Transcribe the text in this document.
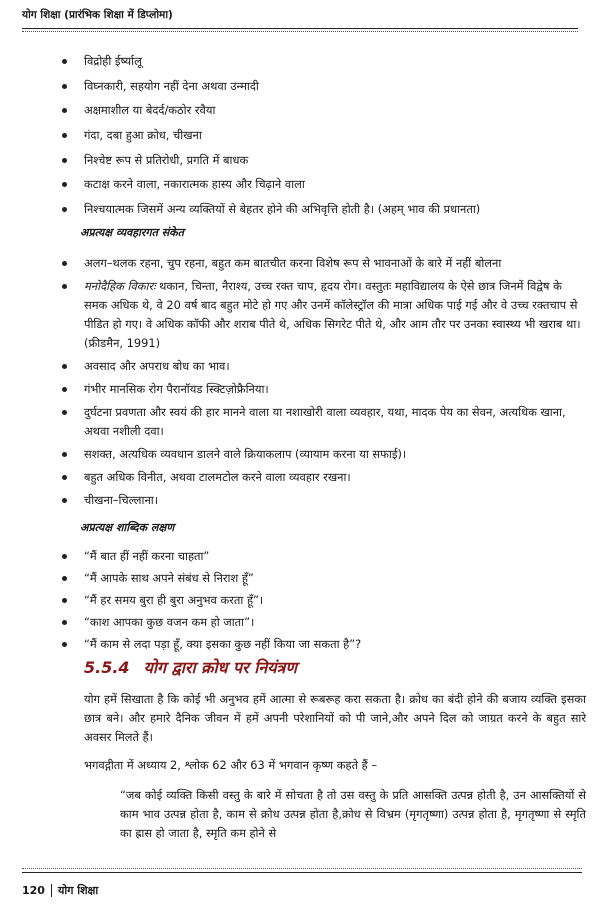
योग शिक्षा (प्रारंभिक शिक्षा में डिप्लोमा)
विद्रोही ईर्ष्यालू
विघ्नकारी, सहयोग नहीं देना अथवा उन्मादी
अक्षमाशील या बेदर्द/कठोर रवैया
गंदा, दबा हुआ क्रोध, चीखना
निश्चेष्ट रूप से प्रतिरोधी, प्रगति में बाधक
कटाक्ष करने वाला, नकारात्मक हास्य और चिढ़ाने वाला
निश्चयात्मक जिसमें अन्य व्यक्तियों से बेहतर होने की अभिवृत्ति होती है। (अहम् भाव की प्रधानता)
अप्रत्यक्ष व्यवहारगत संकेत
अलग–थलक रहना, चुप रहना, बहुत कम बातचीत करना विशेष रूप से भावनाओं के बारे में नहीं बोलना
मनोदैहिक विकारः थकान, चिन्ता, नैराश्य, उच्च रक्त चाप, हृदय रोग। वस्तुतः महाविद्यालय के ऐसे छात्र जिनमें विद्वेष के समक अधिक थे, वे 20 वर्ष बाद बहुत मोटे हो गए और उनमें कॉलेस्ट्रॉल की मात्रा अधिक पाई गई और वे उच्च रक्तचाप से पीडित हो गए। वे अधिक कॉफी और शराब पीते थे, अधिक सिगरेट पीते थे, और आम तौर पर उनका स्वास्थ्य भी खराब था। (फ्रीडमैन, 1991)
अवसाद और अपराध बोध का भाव।
गंभीर मानसिक रोग पैरानॉयड स्क्टिज़ोफ्रैनिया।
दुर्घटना प्रवणता और स्वयं की हार मानने वाला या नशाखोरी वाला व्यवहार, यथा, मादक पेय का सेवन, अत्यधिक खाना, अथवा नशीली दवा।
सशक्त, अत्यधिक व्यवधान डालने वाले क्रियाकलाप (व्यायाम करना या सफाई)।
बहुत अधिक विनीत, अथवा टालमटोल करने वाला व्यवहार रखना।
चीखना–चिल्लाना।
अप्रत्यक्ष शाब्दिक लक्षण
“मैं बात हीं नहीं करना चाहता”
“मैं आपके साथ अपने संबंध से निराश हूँ”
“मैं हर समय बुरा ही बुरा अनुभव करता हूँ”।
“काश आपका कुछ वजन कम हो जाता”।
“मैं काम से लदा पड़ा हूँ, क्या इसका कुछ नहीं किया जा सकता है”?
5.5.4 योग द्वारा क्रोध पर नियंत्रण
योग हमें सिखाता है कि कोई भी अनुभव हमें आत्मा से रूबरूह करा सकता है। क्रोध का बंदी होने की बजाय व्यक्ति इसका छात्र बने। और हमारे दैनिक जीवन में हमें अपनी परेशानियों को पी जाने,और अपने दिल को जाग्रत करने के बहुत सारे अवसर मिलते हैं।
भगवद्गीता में अध्याय 2, श्लोक 62 और 63 में भगवान कृष्ण कहते हैं –
“जब कोई व्यक्ति किसी वस्तु के बारे में सोचता है तो उस वस्तु के प्रति आसक्ति उत्पन्न होती है, उन आसक्तियों से काम भाव उत्पन्न होता है, काम से क्रोध उत्पन्न होता है,क्रोध से विभ्रम (मृगतृष्णा) उत्पन्न होता है, मृगतृष्णा से स्मृति का ह्रास हो जाता है, स्मृति कम होने से
120 योग शिक्षा
